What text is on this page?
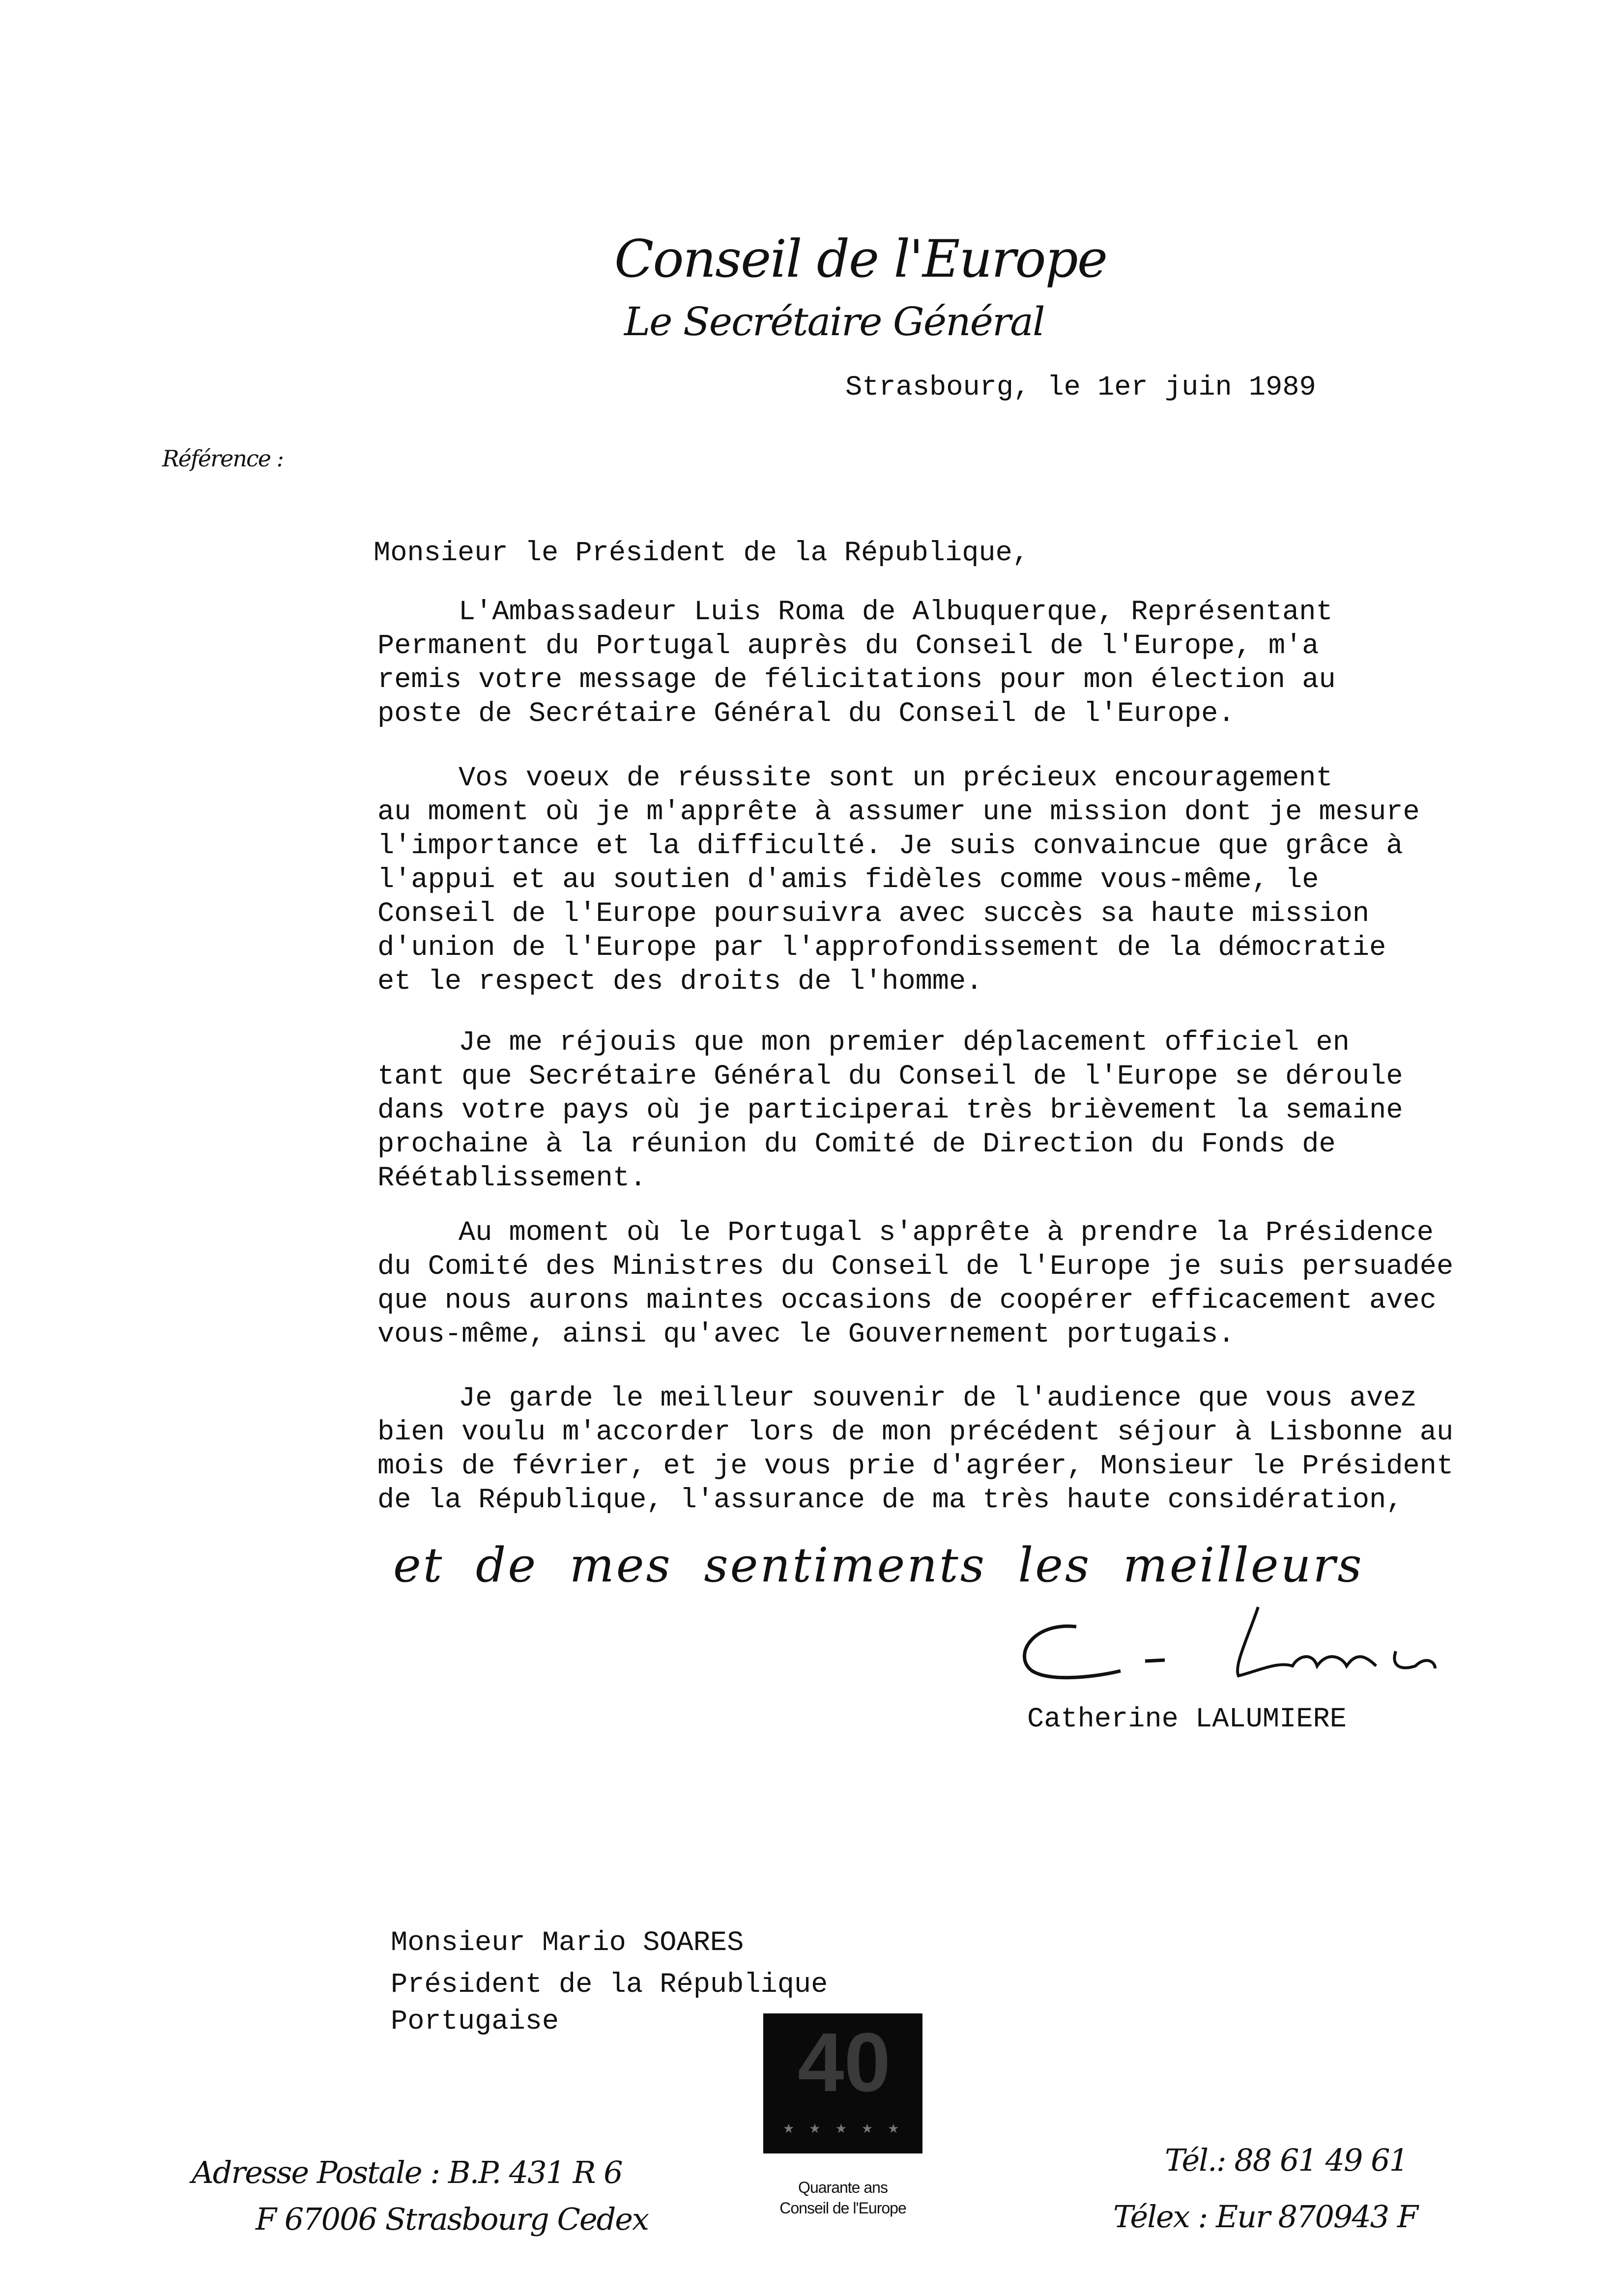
Conseil de l'Europe
Le Secrétaire Général
Strasbourg, le 1er juin 1989
Référence :
Monsieur le Président de la République,
L'Ambassadeur Luis Roma de Albuquerque, Représentant
Permanent du Portugal auprès du Conseil de l'Europe, m'a
remis votre message de félicitations pour mon élection au
poste de Secrétaire Général du Conseil de l'Europe.
Vos voeux de réussite sont un précieux encouragement
au moment où je m'apprête à assumer une mission dont je mesure
l'importance et la difficulté. Je suis convaincue que grâce à
l'appui et au soutien d'amis fidèles comme vous-même, le
Conseil de l'Europe poursuivra avec succès sa haute mission
d'union de l'Europe par l'approfondissement de la démocratie
et le respect des droits de l'homme.
Je me réjouis que mon premier déplacement officiel en
tant que Secrétaire Général du Conseil de l'Europe se déroule
dans votre pays où je participerai très brièvement la semaine
prochaine à la réunion du Comité de Direction du Fonds de
Réétablissement.
Au moment où le Portugal s'apprête à prendre la Présidence
du Comité des Ministres du Conseil de l'Europe je suis persuadée
que nous aurons maintes occasions de coopérer efficacement avec
vous-même, ainsi qu'avec le Gouvernement portugais.
Je garde le meilleur souvenir de l'audience que vous avez
bien voulu m'accorder lors de mon précédent séjour à Lisbonne au
mois de février, et je vous prie d'agréer, Monsieur le Président
de la République, l'assurance de ma très haute considération,
et de mes sentiments les meilleurs
Catherine LALUMIERE
Monsieur Mario SOARES
Président de la République
Portugaise

	40

★★★★★

Quarante ans
Conseil de l'Europe
Adresse Postale : B.P. 431 R 6
F 67006 Strasbourg Cedex
Tél.: 88 61 49 61
Télex : Eur 870943 F
